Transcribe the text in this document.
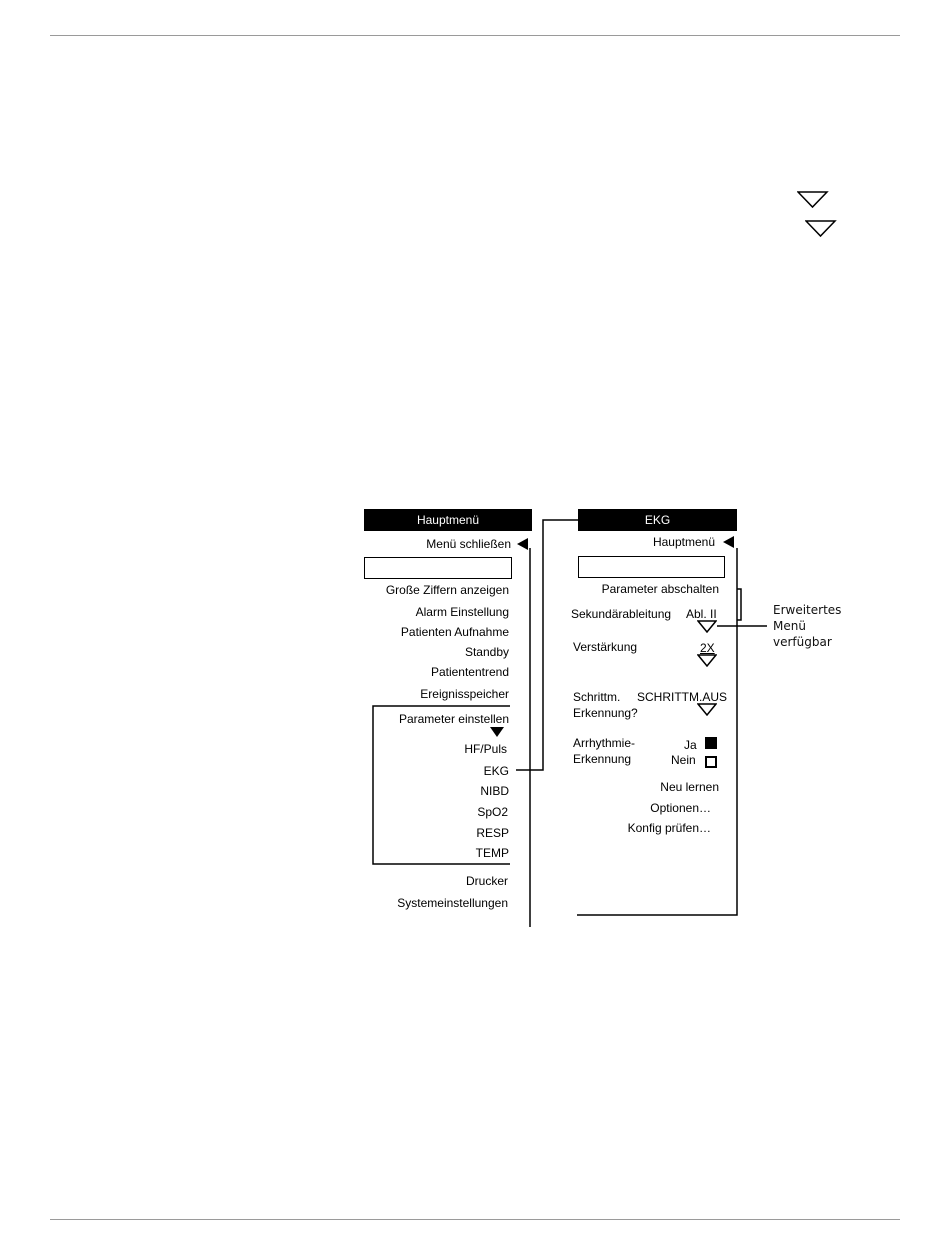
Hauptmenü
Menü schließen
Große Ziffern anzeigen
Alarm Einstellung
Patienten Aufnahme
Standby
Patiententrend
Ereignisspeicher
Parameter einstellen
HF/Puls
EKG
NIBD
SpO2
RESP
TEMP
Drucker
Systemeinstellungen
EKG
Hauptmenü
Parameter abschalten
Sekundärableitung Abl. II
Verstärkung	2X
Schrittm.
Erkennung?
SCHRITTM.AUS
Arrhythmie-
Erkennung
Ja
Nein
Neu lernen
Optionen…
Konfig prüfen…
Erweitertes
Menü
verfügbar
